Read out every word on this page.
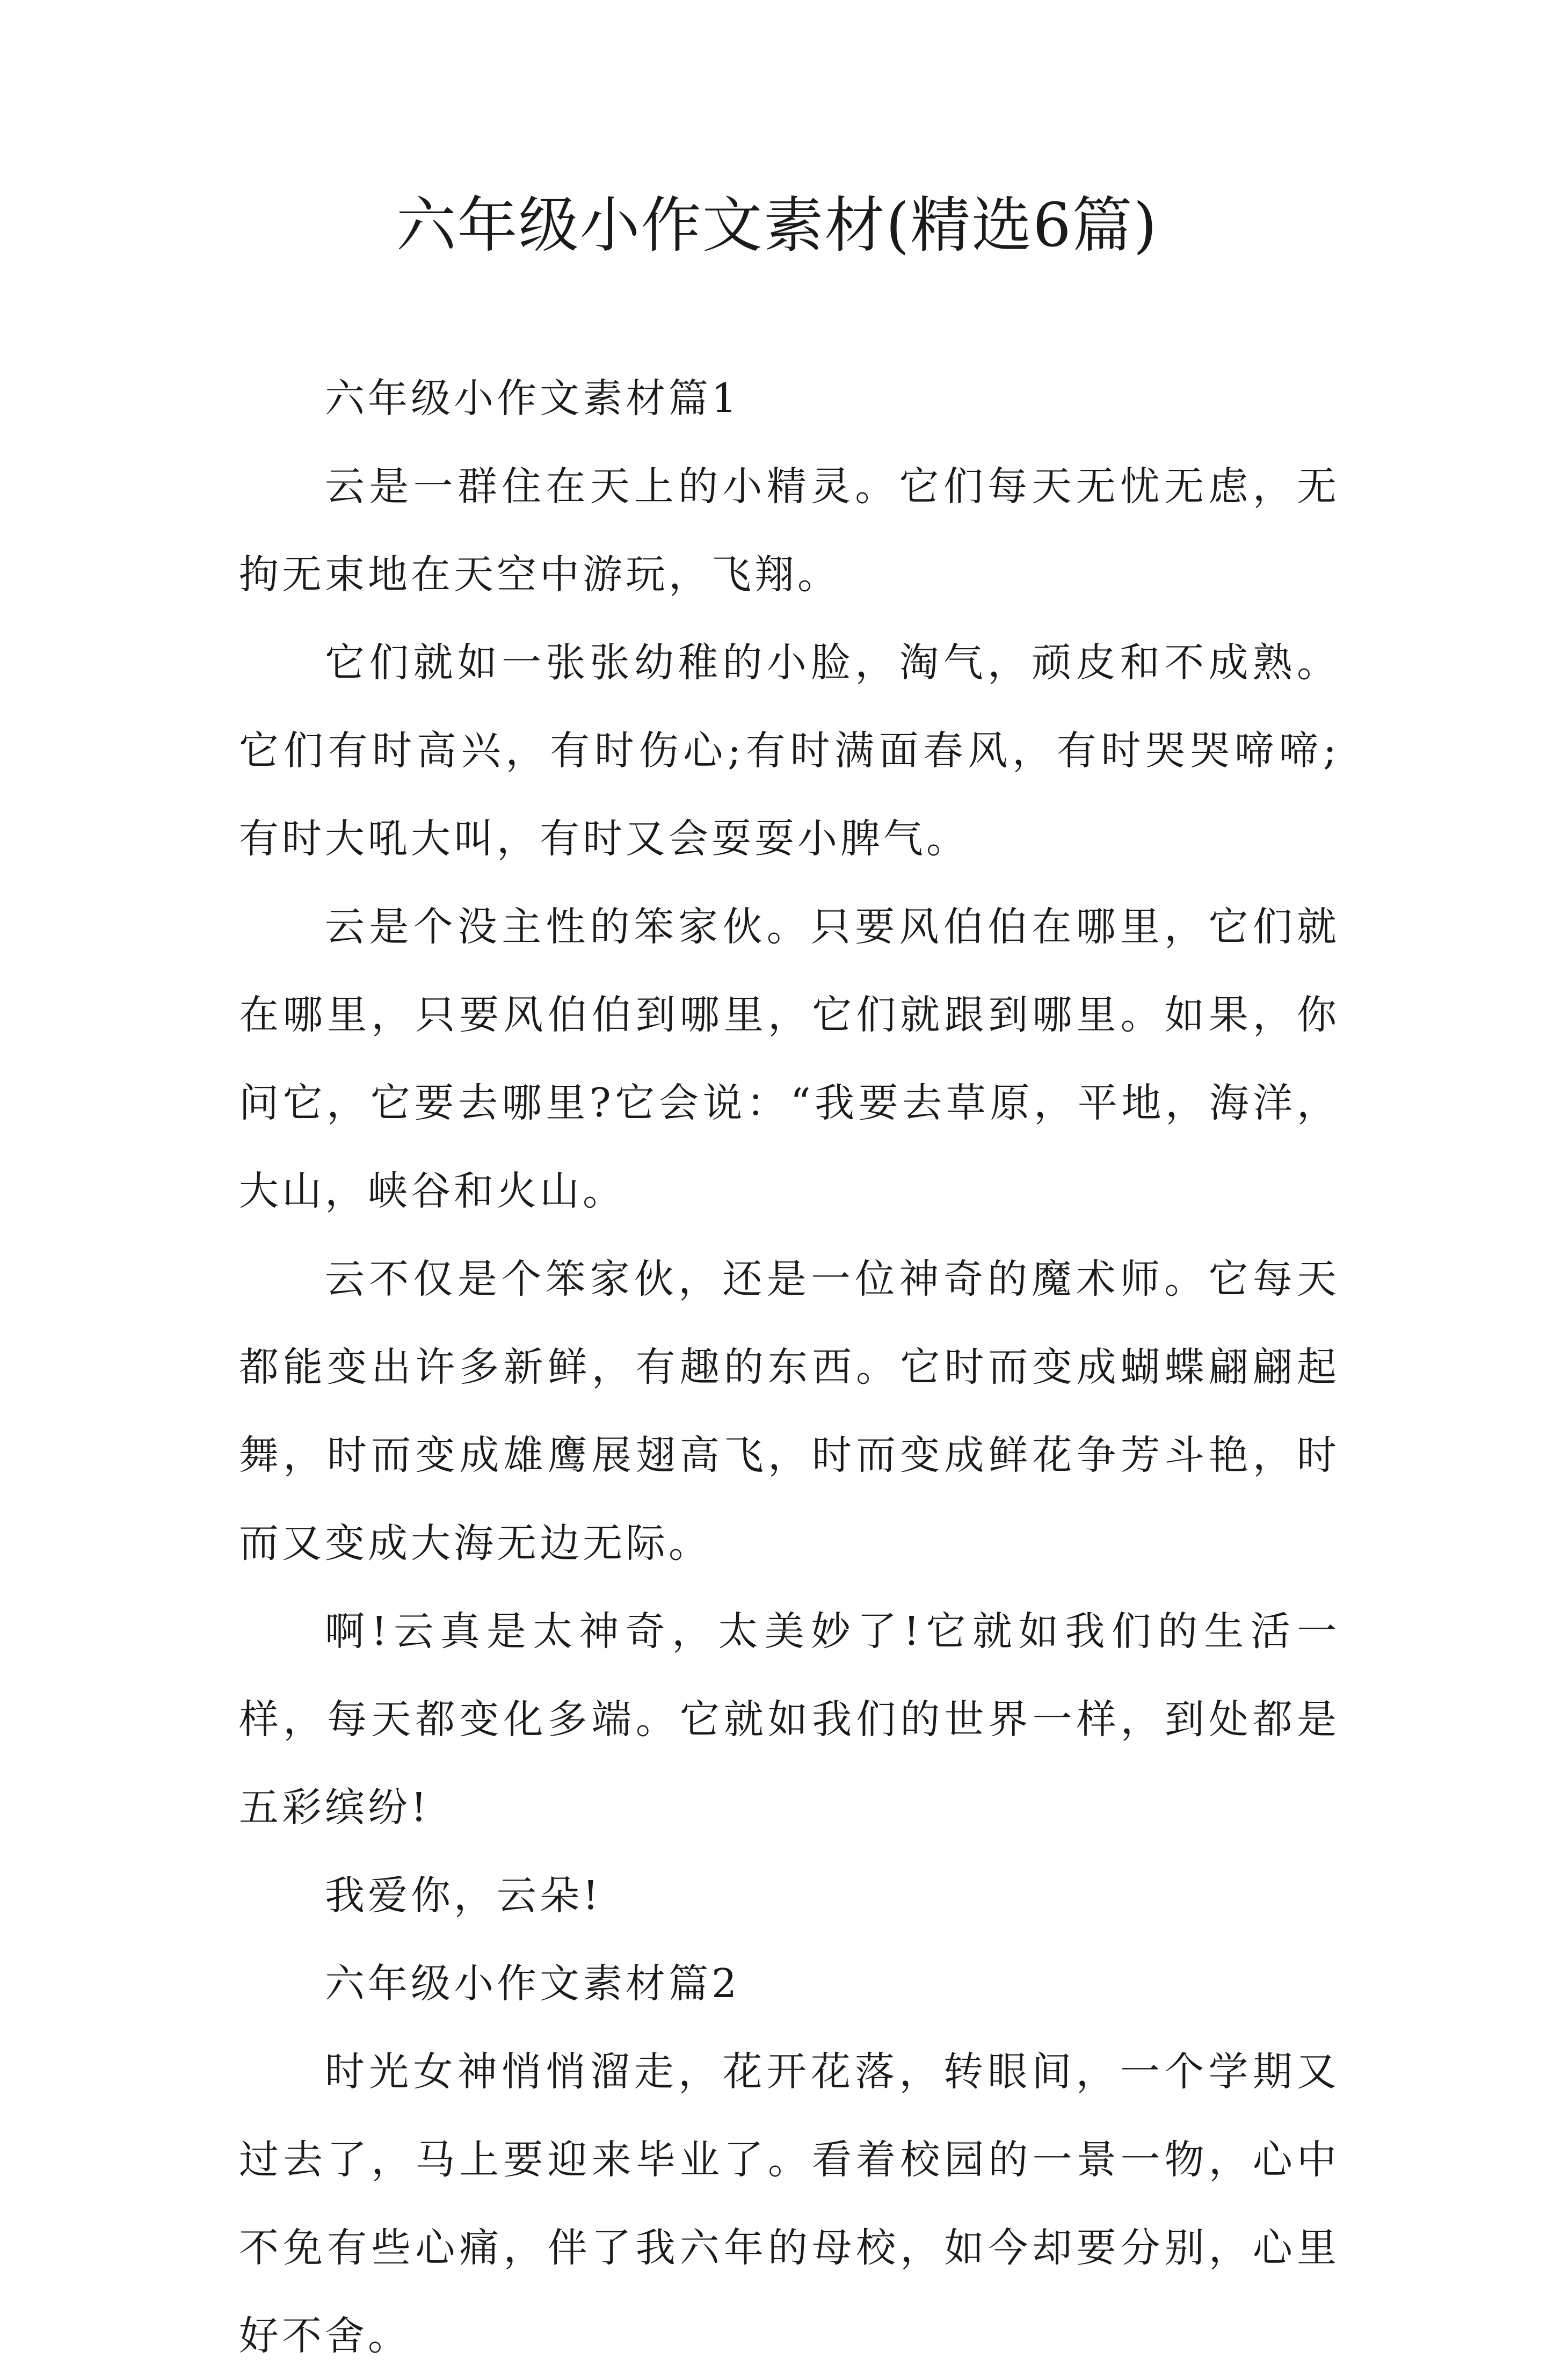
六年级小作文素材(精选6篇)

六年级小作文素材篇1

云是一群住在天上的小精灵。它们每天无忧无虑，无拘无束地在天空中游玩，飞翔。

它们就如一张张幼稚的小脸，淘气，顽皮和不成熟。它们有时高兴，有时伤心;有时满面春风，有时哭哭啼啼;有时大吼大叫，有时又会耍耍小脾气。

云是个没主性的笨家伙。只要风伯伯在哪里，它们就在哪里，只要风伯伯到哪里，它们就跟到哪里。如果，你问它，它要去哪里?它会说：“我要去草原，平地，海洋，大山，峡谷和火山。

云不仅是个笨家伙，还是一位神奇的魔术师。它每天都能变出许多新鲜，有趣的东西。它时而变成蝴蝶翩翩起舞，时而变成雄鹰展翅高飞，时而变成鲜花争芳斗艳，时而又变成大海无边无际。

啊!云真是太神奇，太美妙了!它就如我们的生活一样，每天都变化多端。它就如我们的世界一样，到处都是五彩缤纷!

我爱你，云朵!

六年级小作文素材篇2

时光女神悄悄溜走，花开花落，转眼间，一个学期又过去了，马上要迎来毕业了。看着校园的一景一物，心中不免有些心痛，伴了我六年的母校，如今却要分别，心里好不舍。
